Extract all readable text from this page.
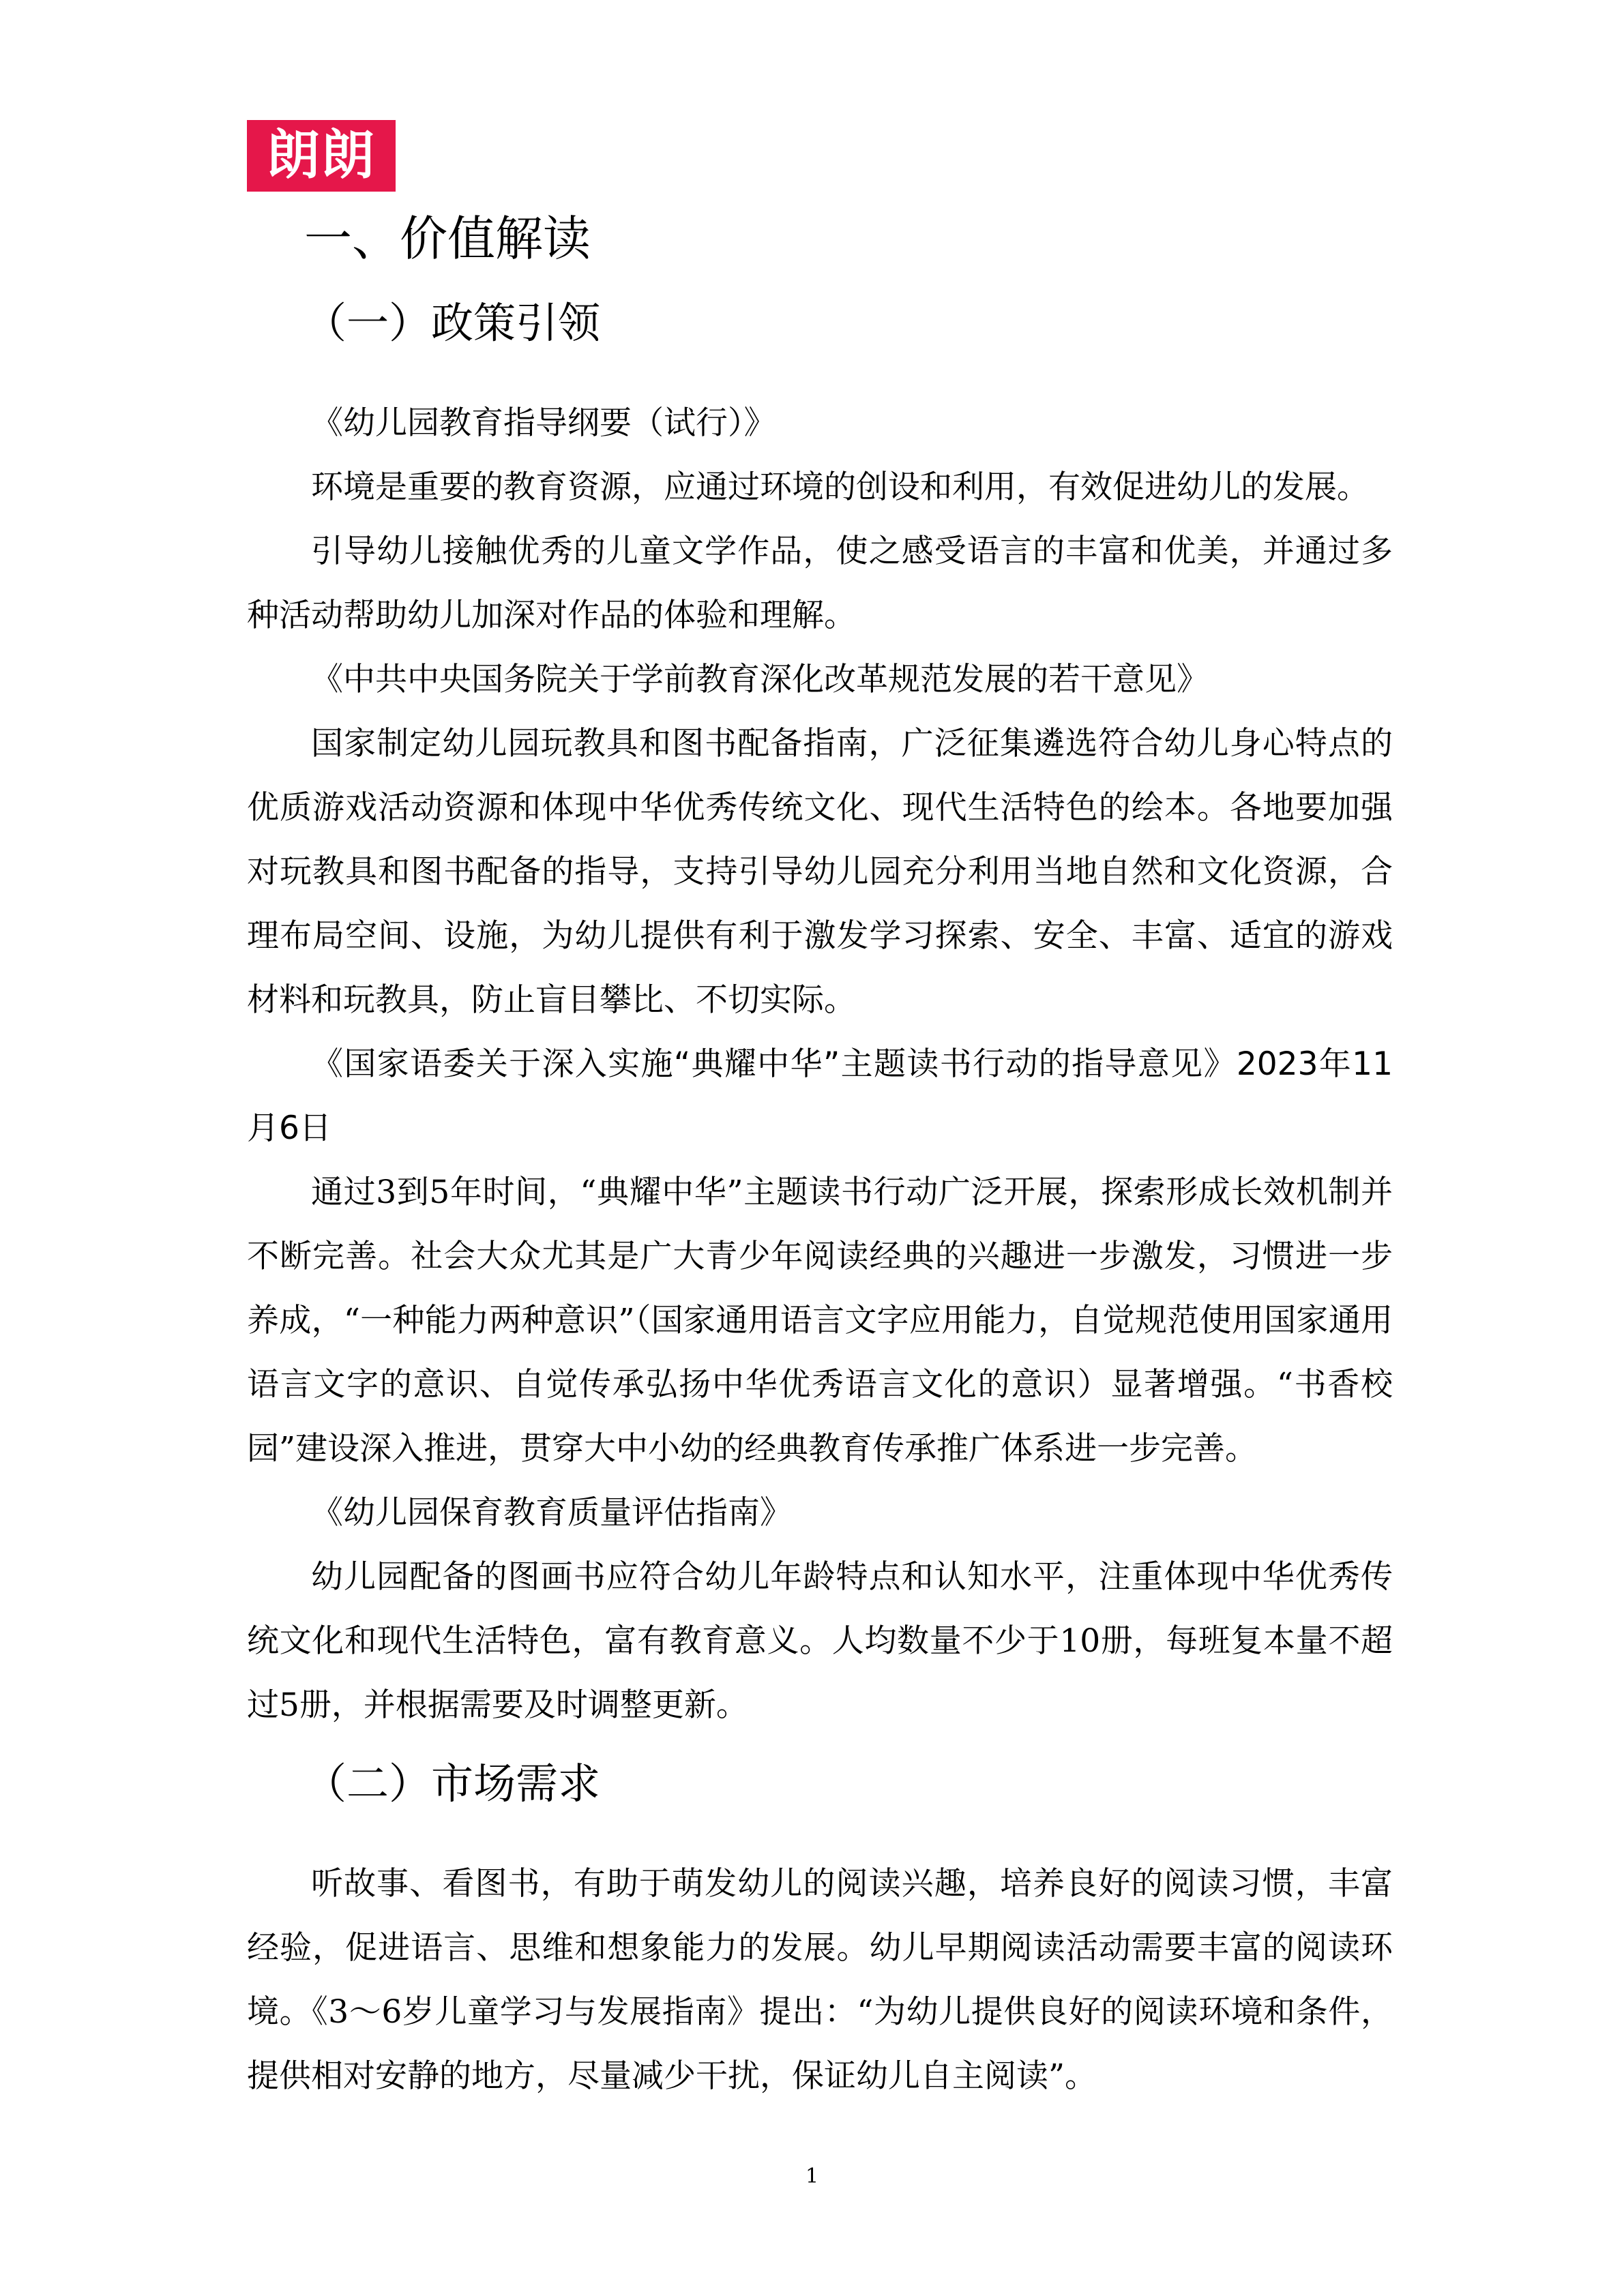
朗朗
一、价值解读
（一）政策引领

《幼儿园教育指导纲要（试行）》

环境是重要的教育资源，应通过环境的创设和利用，有效促进幼儿的发展。

引导幼儿接触优秀的儿童文学作品，使之感受语言的丰富和优美，并通过多种活动帮助幼儿加深对作品的体验和理解。

《中共中央国务院关于学前教育深化改革规范发展的若干意见》

国家制定幼儿园玩教具和图书配备指南，广泛征集遴选符合幼儿身心特点的优质游戏活动资源和体现中华优秀传统文化、现代生活特色的绘本。各地要加强对玩教具和图书配备的指导，支持引导幼儿园充分利用当地自然和文化资源，合理布局空间、设施，为幼儿提供有利于激发学习探索、安全、丰富、适宜的游戏材料和玩教具，防止盲目攀比、不切实际。

《国家语委关于深入实施“典耀中华”主题读书行动的指导意见》2023年11月6日

通过3到5年时间，“典耀中华”主题读书行动广泛开展，探索形成长效机制并不断完善。社会大众尤其是广大青少年阅读经典的兴趣进一步激发，习惯进一步养成，“一种能力两种意识”（国家通用语言文字应用能力，自觉规范使用国家通用语言文字的意识、自觉传承弘扬中华优秀语言文化的意识）显著增强。“书香校园”建设深入推进，贯穿大中小幼的经典教育传承推广体系进一步完善。

《幼儿园保育教育质量评估指南》

幼儿园配备的图画书应符合幼儿年龄特点和认知水平，注重体现中华优秀传统文化和现代生活特色，富有教育意义。人均数量不少于10册，每班复本量不超过5册，并根据需要及时调整更新。

（二）市场需求

听故事、看图书，有助于萌发幼儿的阅读兴趣，培养良好的阅读习惯，丰富经验，促进语言、思维和想象能力的发展。幼儿早期阅读活动需要丰富的阅读环境。《3～6岁儿童学习与发展指南》提出：“为幼儿提供良好的阅读环境和条件，提供相对安静的地方，尽量减少干扰，保证幼儿自主阅读”。

1
